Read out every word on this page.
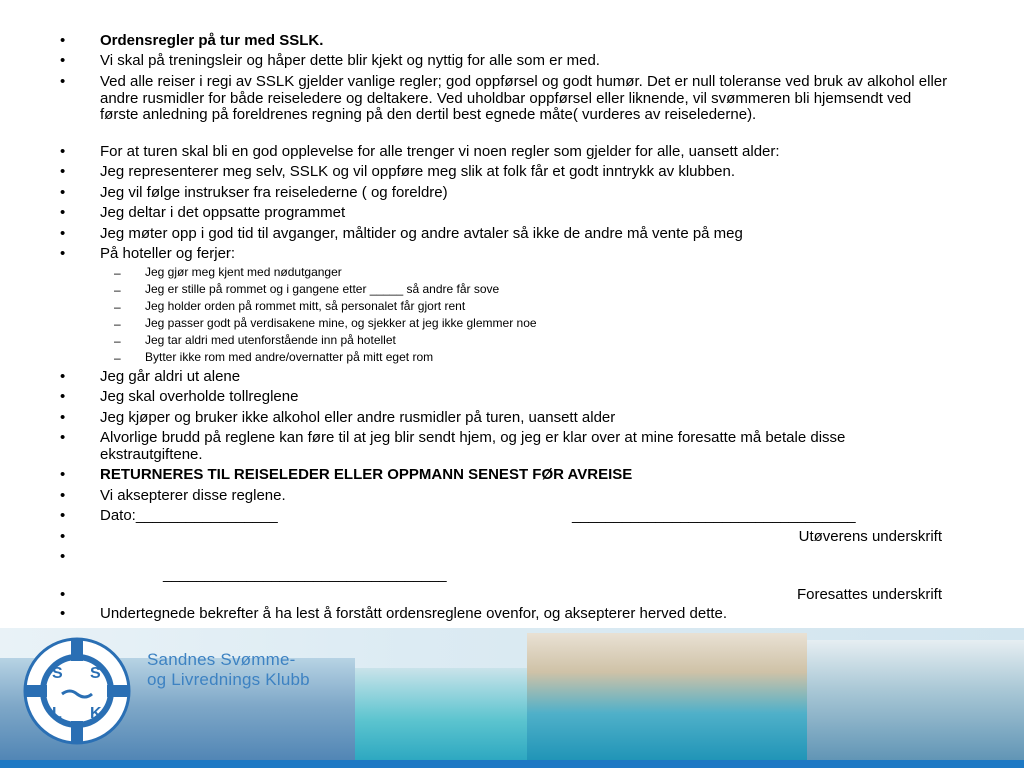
• Ordensregler på tur med SSLK.
• Vi skal på treningsleir og håper dette blir kjekt og nyttig for alle som er med.
• Ved alle reiser i regi av SSLK gjelder vanlige regler; god oppførsel og godt humør. Det er null toleranse ved bruk av alkohol eller andre rusmidler for både reiseledere og deltakere. Ved uholdbar oppførsel eller liknende, vil svømmeren bli hjemsendt ved første anledning på foreldrenes regning på den dertil best egnede måte( vurderes av reiselederne).
• For at turen skal bli en god opplevelse for alle trenger vi noen regler som gjelder for alle, uansett alder:
• Jeg representerer meg selv, SSLK og vil oppføre meg slik at folk får et godt inntrykk av klubben.
• Jeg vil følge instrukser fra reiselederne ( og foreldre)
• Jeg deltar i det oppsatte programmet
• Jeg møter opp i god tid til avganger, måltider og andre avtaler så ikke de andre må vente på meg
• På hoteller og ferjer:
– Jeg gjør meg kjent med nødutganger
– Jeg er stille på rommet og i gangene etter _____ så andre får sove
– Jeg holder orden på rommet mitt, så personalet får gjort rent
– Jeg passer godt på verdisakene mine, og sjekker at jeg ikke glemmer noe
– Jeg tar aldri med utenforstående inn på hotellet
– Bytter ikke rom med andre/overnatter på mitt eget rom
• Jeg går aldri ut alene
• Jeg skal overholde tollreglene
• Jeg kjøper og bruker ikke alkohol eller andre rusmidler på turen, uansett alder
• Alvorlige brudd på reglene kan føre til at jeg blir sendt hjem, og jeg er klar over at mine foresatte må betale disse ekstrautgiftene.
• RETURNERES TIL REISELEDER ELLER OPPMANN SENEST FØR AVREISE
• Vi aksepterer disse reglene.
• Dato:_________________	__________________________________
•	Utøverens underskrift
•
__________________________________
•	Foresattes underskrift
• Undertegnede bekrefter å ha lest å forstått ordensreglene ovenfor, og aksepterer herved dette.
S S
L K
Sandnes Svømme-
og Livrednings Klubb
